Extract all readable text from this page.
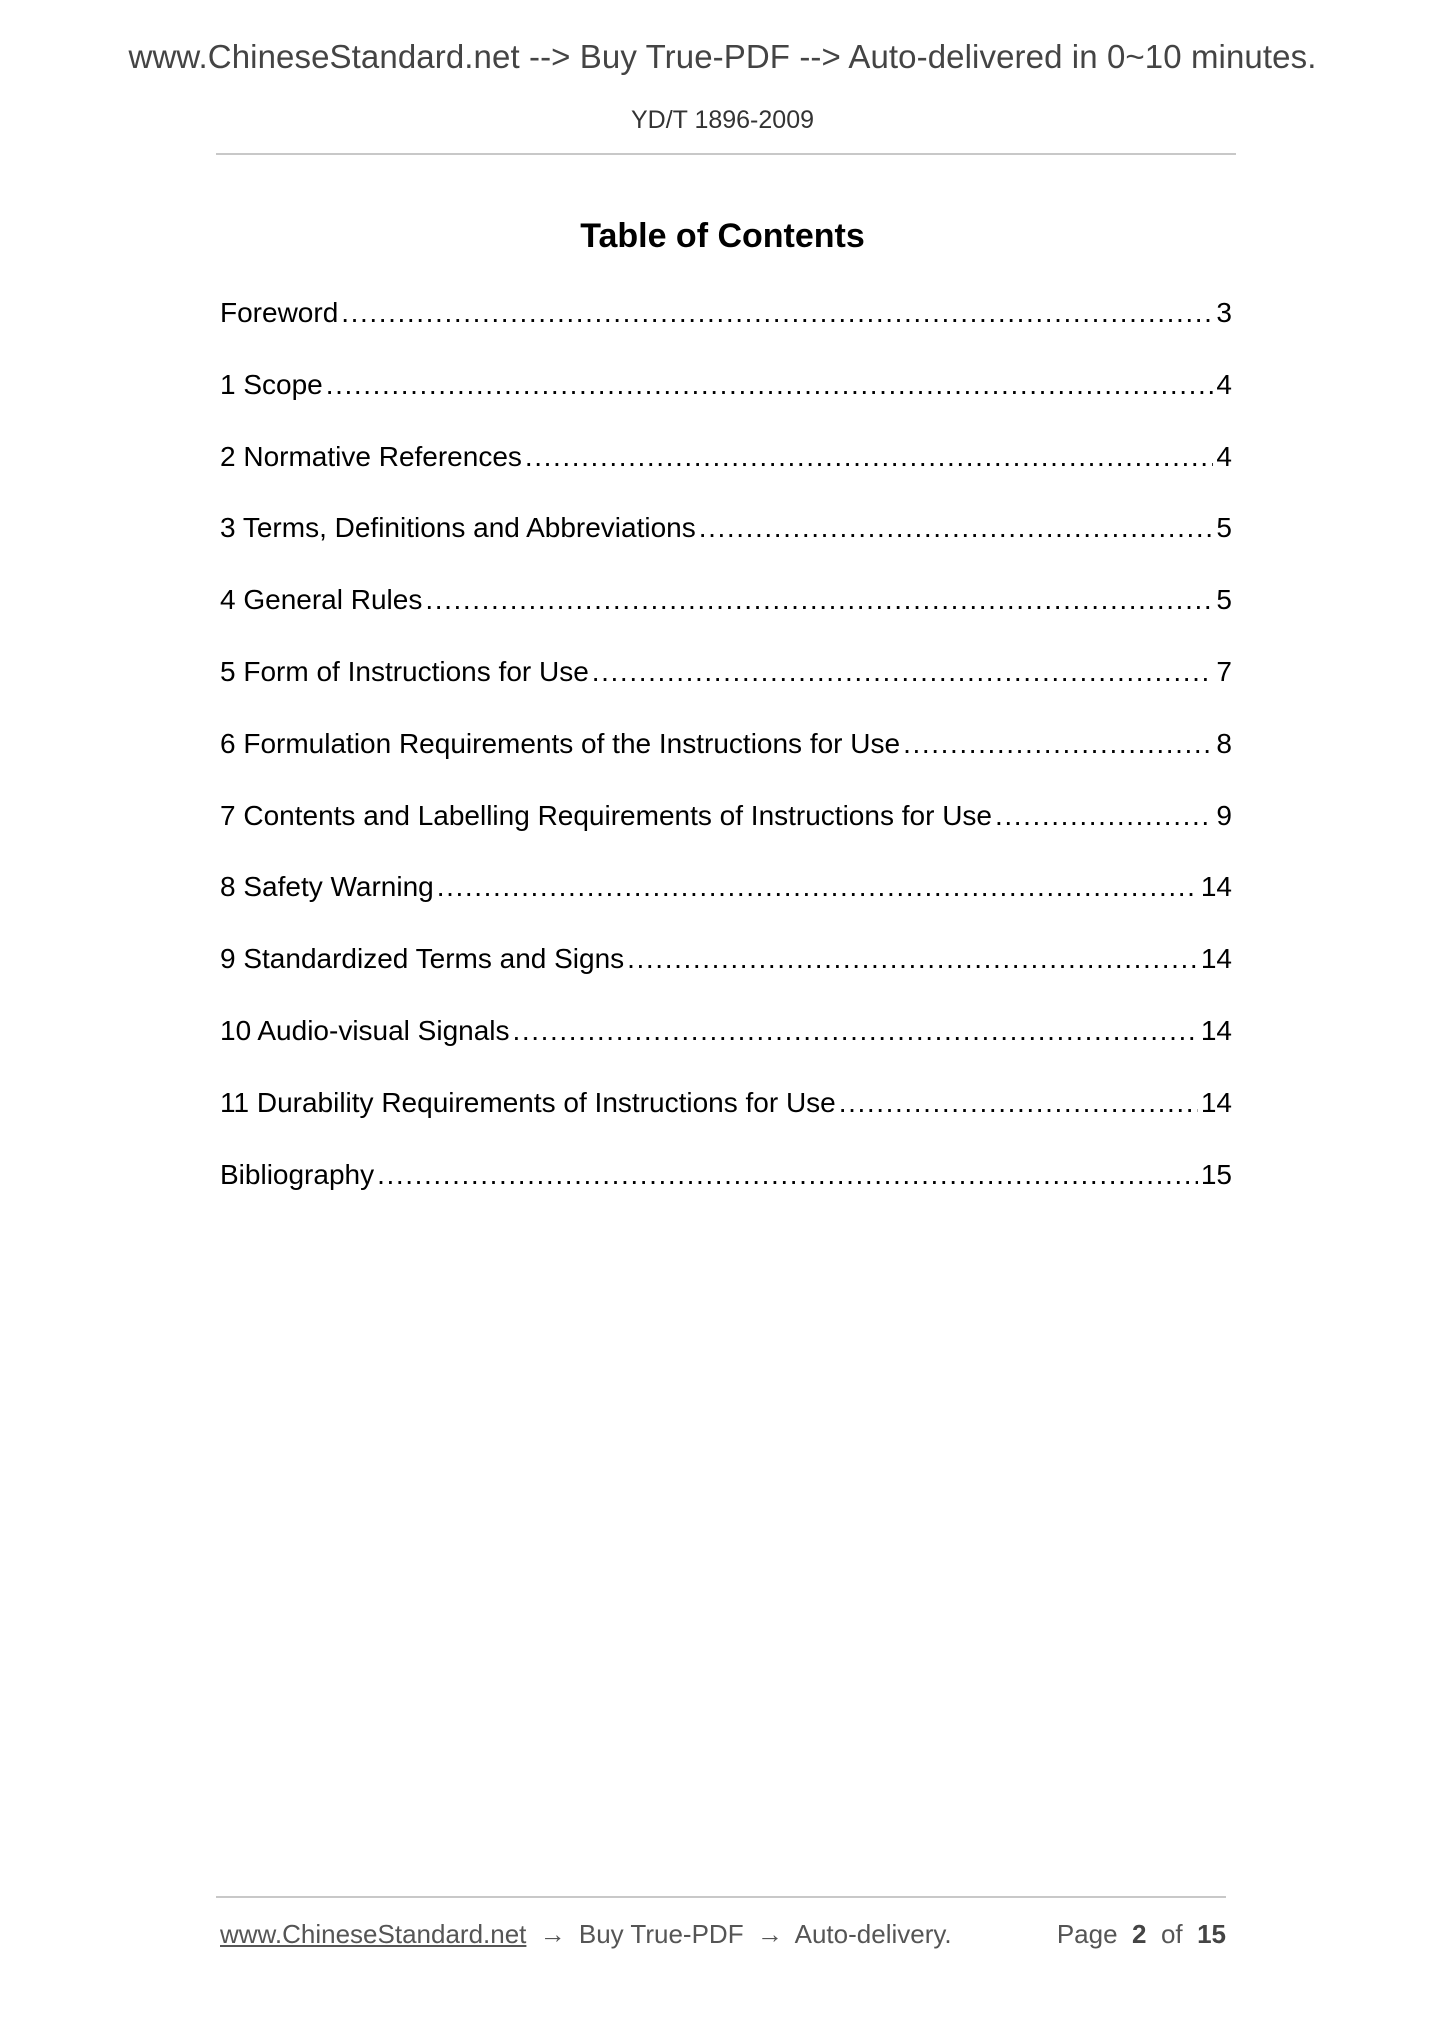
www.ChineseStandard.net --> Buy True-PDF --> Auto-delivered in 0~10 minutes.
YD/T 1896-2009
Table of Contents
Foreword .....	3
1 Scope .....	4
2 Normative References .....	4
3 Terms, Definitions and Abbreviations .....	5
4 General Rules .....	5
5 Form of Instructions for Use .....	7
6 Formulation Requirements of the Instructions for Use .....	8
7 Contents and Labelling Requirements of Instructions for Use .....	9
8 Safety Warning .....	14
9 Standardized Terms and Signs .....	14
10 Audio-visual Signals .....	14
11 Durability Requirements of Instructions for Use .....	14
Bibliography .....	15
www.ChineseStandard.net → Buy True-PDF → Auto-delivery.	Page 2 of 15
